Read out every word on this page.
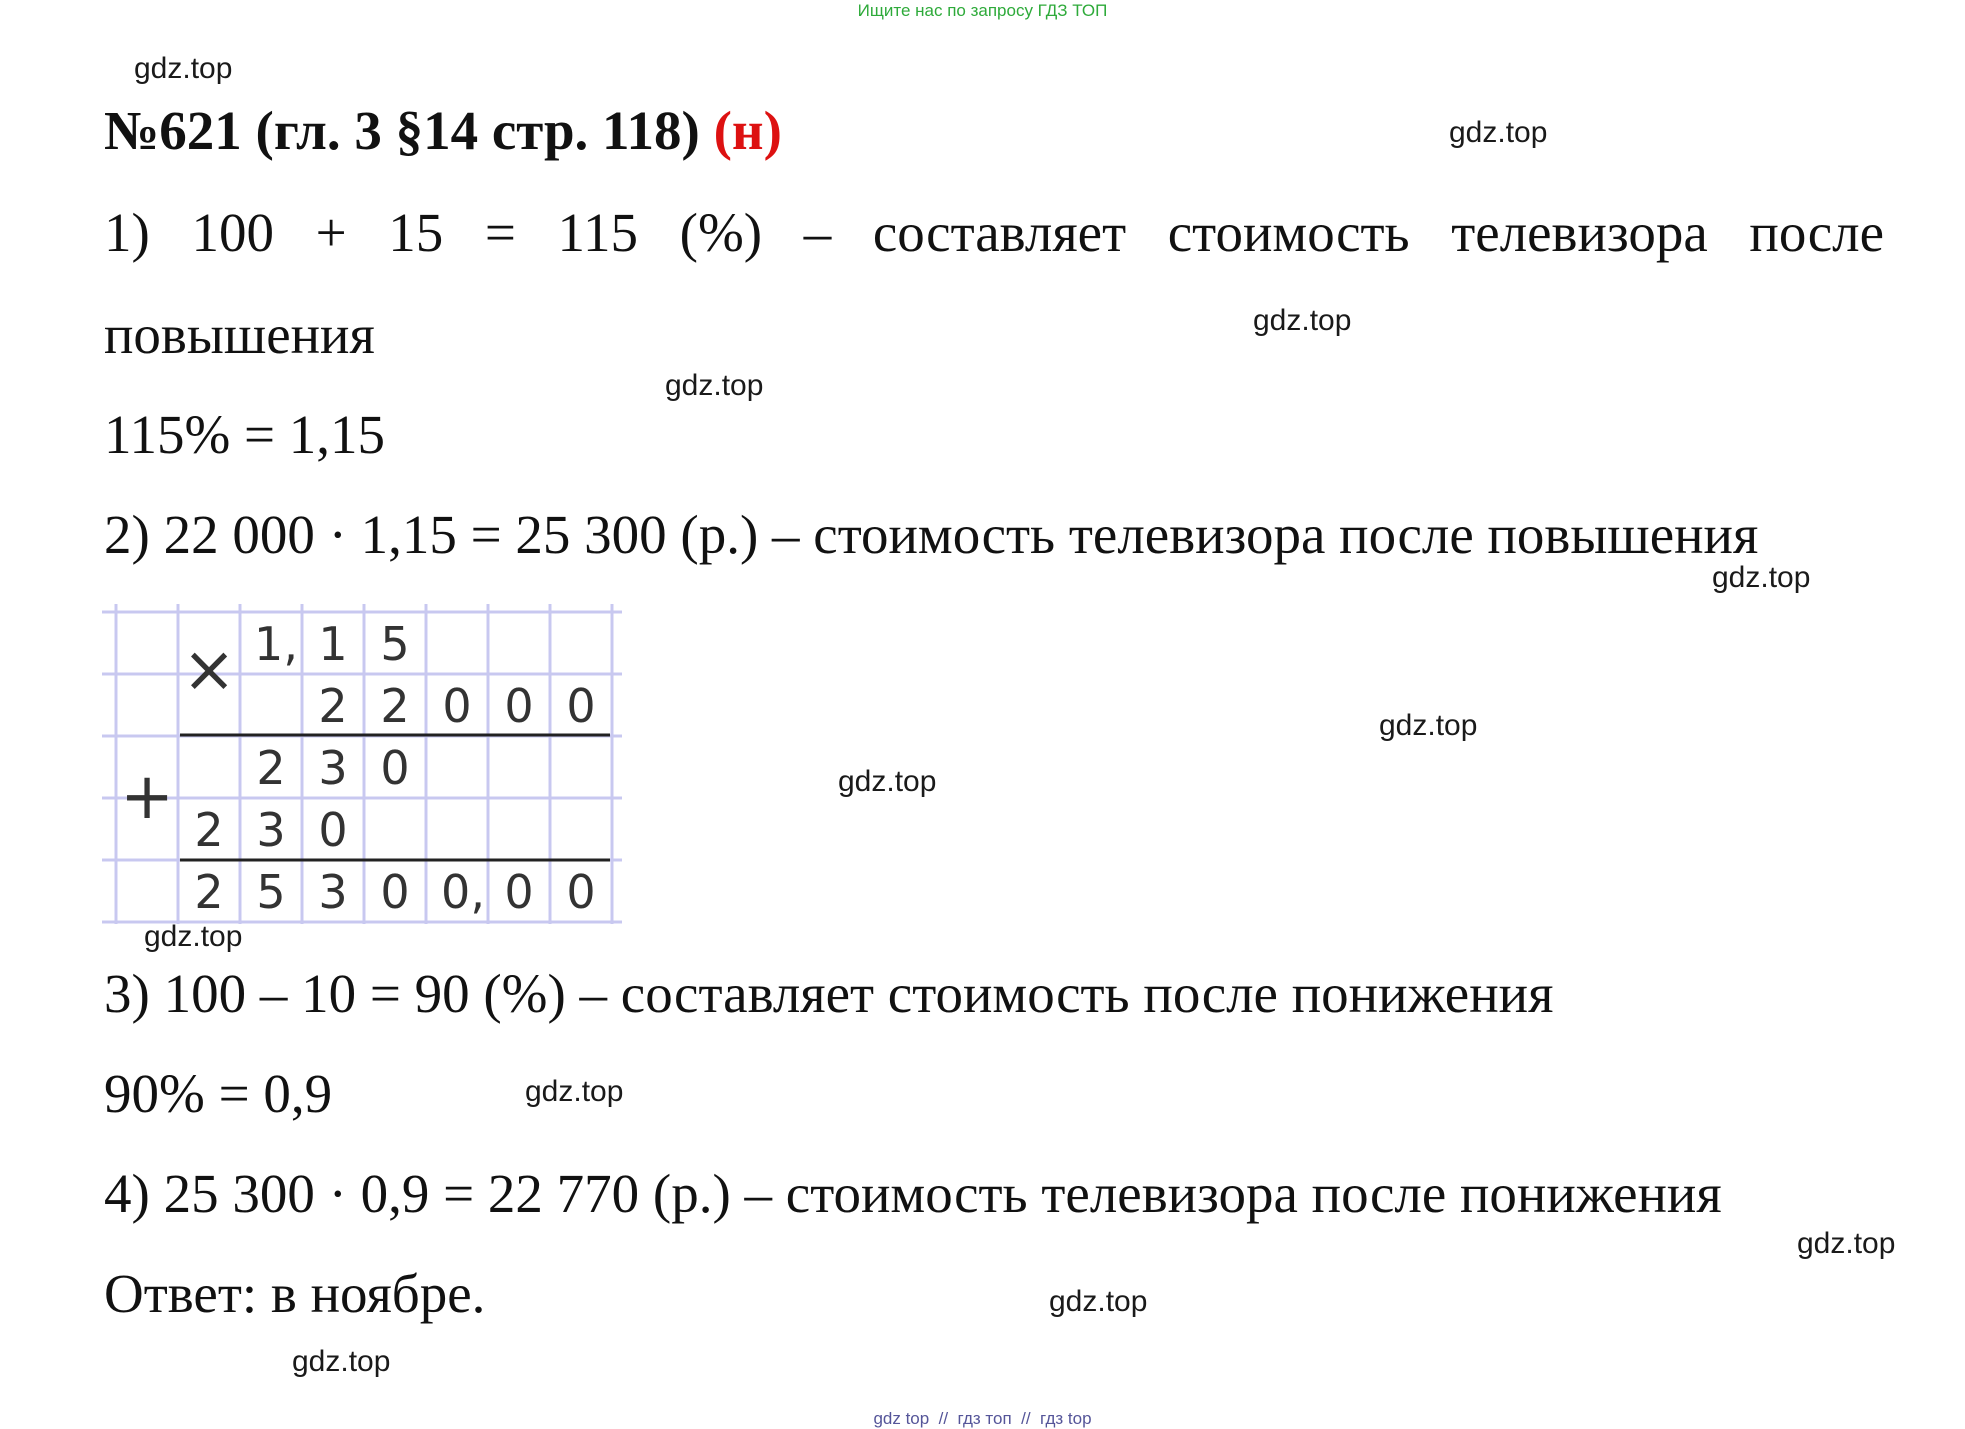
Ищите нас по запросу ГДЗ ТОП
№621 (гл. 3 §14 стр. 118) (н)
1) 100 + 15 = 115 (%) – составляет стоимость телевизора после
повышения
115% = 1,15
2) 22 000 · 1,15 = 25 300 (р.) – стоимость телевизора после повышения
×
+
1, 1 5
2 2 0 0 0
2 3 0
2 3 0
2 5 3 0 0, 0 0
3) 100 – 10 = 90 (%) – составляет стоимость после понижения
90% = 0,9
4) 25 300 · 0,9 = 22 770 (р.) – стоимость телевизора после понижения
Ответ: в ноябре.
gdz.top
gdz.top
gdz.top
gdz.top
gdz.top
gdz.top
gdz.top
gdz.top
gdz.top
gdz.top
gdz.top
gdz.top
gdz top  //  гдз топ  //  гдз top
